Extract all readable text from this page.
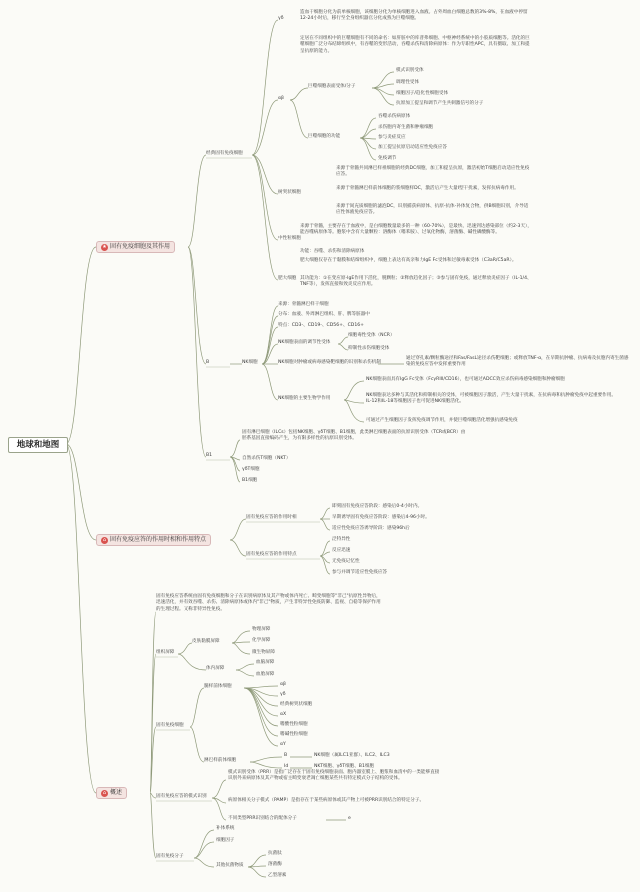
地球和地图
★ 固有免疫细胞及其作用
⌂ 固有免疫应答的作用时相和作用特点
⌂ 概述
经典固有免疫细胞
γδ
造血干细胞分化为前单核细胞，该细胞分化为单核细胞进入血液。占外周血白细胞总数的3%-8%，在血液中停留12-24小时后，移行至全身组织器官分化成熟为巨噬细胞。
αβ
定居在不同组织中的巨噬细胞有不同的命名：如肝脏中的库普弗细胞、中枢神经系统中的小胶质细胞等。活化的巨噬细胞广泛分布结缔组织中，有吞噬的变形活动，吞噬杀伤和清除病原体：作为专职性APC，具有摄取、加工和提呈抗原的能力。
巨噬细胞表面受体/分子
模式识别受体
调理性受体
细胞因子/趋化性细胞受体
抗原加工提呈和调节产生共刺激信号的分子
巨噬细胞的功能
吞噬杀伤病原体
杀伤胞内寄生菌和肿瘤细胞
参与炎症反应
加工提呈抗原启动适应性免疫应答
免疫调节
树突状细胞
来源于骨髓共同淋巴样祖细胞的经典DC细胞，加工和提呈抗原，激活初始T细胞启动适应性免疫应答。
来源于骨髓淋巴样前体细胞的浆细胞样DC，激活后产生大量I型干扰素，发挥抗病毒作用。
来源于间充质细胞的滤泡DC，识别捕获病原体、抗原-抗体-补体复合物，供B细胞识别，介导适应性体液免疫应答。
中性粒细胞
来源于骨髓，主要存在于血液中，是白细胞数量最多的一种（60-70%），是最快、迅速到达感染部位（约2-3天），能吞噬病原体等。胞浆中含有大量颗粒：溶酶体（嗜苯胺）、过氧化物酶，溶菌酶、碱性磷酸酶等。
功能：吞噬、杀伤和清除病原体
肥大细胞
肥大细胞仅存在于黏膜和结缔组织中，细胞上表达有高亲和力IgE Fc受体和过敏毒素受体（C3aR/C5aR）。
其功能为：①在变应原-IgE作用下活化，脱颗粒；②释放趋化因子；③参与固有免疫，通过释放炎症因子（IL-1/4、TNF等），发挥直接和致炎反应作用。
B	NK细胞
来源：骨髓淋巴样干细胞
分布：血液、外周淋巴组织、肝、脾等脏器中
特点：CD3-、CD19-、CD56+、CD16+
NK细胞表面的调节性受体
细胞毒性受体（NCR）
抑制性杀伤细胞受体
NK细胞对肿瘤或病毒感染靶细胞的识别和杀伤机制
通过穿孔素/颗粒酶途径和Fas/FasL途径杀伤靶细胞；或释放TNF-α，在早期抗肿瘤、抗病毒及抗胞内寄生菌感染的免疫应答中发挥重要作用
NK细胞的主要生物学作用
NK细胞表面具有IgG Fc受体（FcγRIII/CD16），也可通过ADCC效应杀伤病毒感染细胞和肿瘤细胞
NK细胞表达多种与其活化和抑制相关的受体，可被细胞因子激活，产生大量干扰素，在抗病毒和抗肿瘤免疫中起重要作用。IL-12和IL-18等细胞因子也可促进NK细胞活化。
可通过产生细胞因子发挥免疫调节作用，并使巨噬细胞活化增强抗感染免疫
B1
固有淋巴细胞（ILCs）包括NK细胞、γδT细胞、B1细胞，此类淋巴细胞表面的抗原识别受体（TCR或BCR）由胚系基因直接编码产生，为有限多样性的抗原识别受体。
自然杀伤T细胞（NKT）
γδT细胞
B1细胞
固有免疫应答的作用时相
即刻固有免疫应答阶段：感染后0-4小时内。
早期诱导固有免疫应答阶段：感染后4-96小时。
适应性免疫应答诱导阶段：感染96h后
固有免疫应答的作用特点
泛特异性
反应迅速
无免疫记忆性
参与并调节适应性免疫应答
固有免疫应答系统由固有免疫细胞和分子在识别病原体及其产物或体内死亡、畸变细胞等"非己"抗原性异物后，迅速活化，并有效吞噬、杀伤、清除病原体或体内"非己"物质，产生非特异性免疫防御、监视、自稳等保护作用的生理过程。又称非特异性免疫。
组织屏障
皮肤黏膜屏障
物理屏障
化学屏障
微生物屏障
体内屏障
血脑屏障
血胎屏障
固有免疫细胞
髓样前体细胞	αβ
γδ
经典树突状细胞
αX
嗜酸性粒细胞
嗜碱性粒细胞
αY
淋巴样前体细胞
B
Id
NK细胞（属ILC1亚群）、ILC2、ILC3
NKT细胞、γδT细胞、B1细胞
固有免疫应答的模式识别
模式识别受体（PRR）是指广泛存在于固有免疫细胞表面、胞内器室膜上、胞浆和血清中的一类能够直接识别外来病原体及其产物或宿主畸变衰老凋亡细胞某些共有特定模式分子结构的受体。
病原体相关分子模式（PAMP）是指存在于某些病原体或其产物上可被PRR识别结合的特定分子。
不同类型PRR识别结合的配体分子	e
固有免疫分子
补体系统
细胞因子
其他抗菌物质
抗菌肽
溶菌酶
乙型溶素
